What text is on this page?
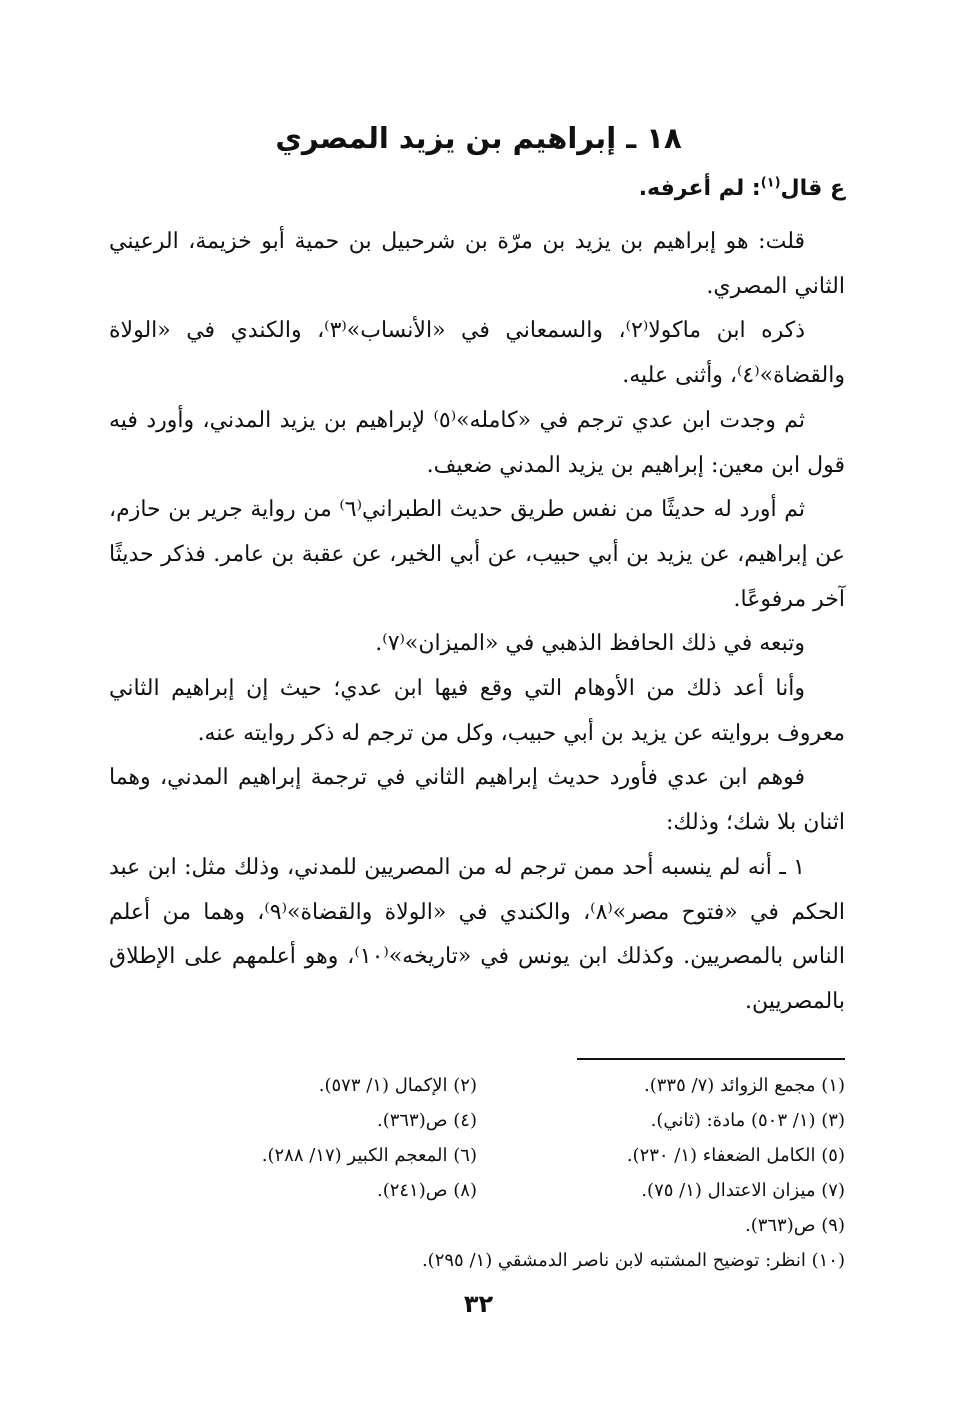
١٨ ـ إبراهيم بن يزيد المصري
ع قال$^{(١)}$: لم أعرفه.

قلت: هو إبراهيم بن يزيد بن مرّة بن شرحبيل بن حمية أبو خزيمة، الرعيني الثاني المصري.

ذكره ابن ماكولا⁽٢⁾، والسمعاني في «الأنساب»⁽٣⁾، والكندي في «الولاة والقضاة»⁽٤⁾، وأثنى عليه.

ثم وجدت ابن عدي ترجم في «كامله»⁽٥⁾ لإبراهيم بن يزيد المدني، وأورد فيه قول ابن معين: إبراهيم بن يزيد المدني ضعيف.

ثم أورد له حديثًا من نفس طريق حديث الطبراني⁽٦⁾ من رواية جرير بن حازم، عن إبراهيم، عن يزيد بن أبي حبيب، عن أبي الخير، عن عقبة بن عامر. فذكر حديثًا آخر مرفوعًا.

وتبعه في ذلك الحافظ الذهبي في «الميزان»⁽٧⁾.

وأنا أعد ذلك من الأوهام التي وقع فيها ابن عدي؛ حيث إن إبراهيم الثاني معروف بروايته عن يزيد بن أبي حبيب، وكل من ترجم له ذكر روايته عنه.

فوهم ابن عدي فأورد حديث إبراهيم الثاني في ترجمة إبراهيم المدني، وهما اثنان بلا شك؛ وذلك:

١ ـ أنه لم ينسبه أحد ممن ترجم له من المصريين للمدني، وذلك مثل: ابن عبد الحكم في «فتوح مصر»⁽٨⁾، والكندي في «الولاة والقضاة»⁽٩⁾، وهما من أعلم الناس بالمصريين. وكذلك ابن يونس في «تاريخه»⁽١٠⁾، وهو أعلمهم على الإطلاق بالمصريين.

(١) مجمع الزوائد (٧/ ٣٣٥).
(٢) الإكمال (١/ ٥٧٣).
(٣) (١/ ٥٠٣) مادة: (ثاني).
(٤) ص(٣٦٣).
(٥) الكامل الضعفاء (١/ ٢٣٠).
(٦) المعجم الكبير (١٧/ ٢٨٨).
(٧) ميزان الاعتدال (١/ ٧٥).
(٨) ص(٢٤١).
(٩) ص(٣٦٣).
(١٠) انظر: توضيح المشتبه لابن ناصر الدمشقي (١/ ٢٩٥).
٣٢
